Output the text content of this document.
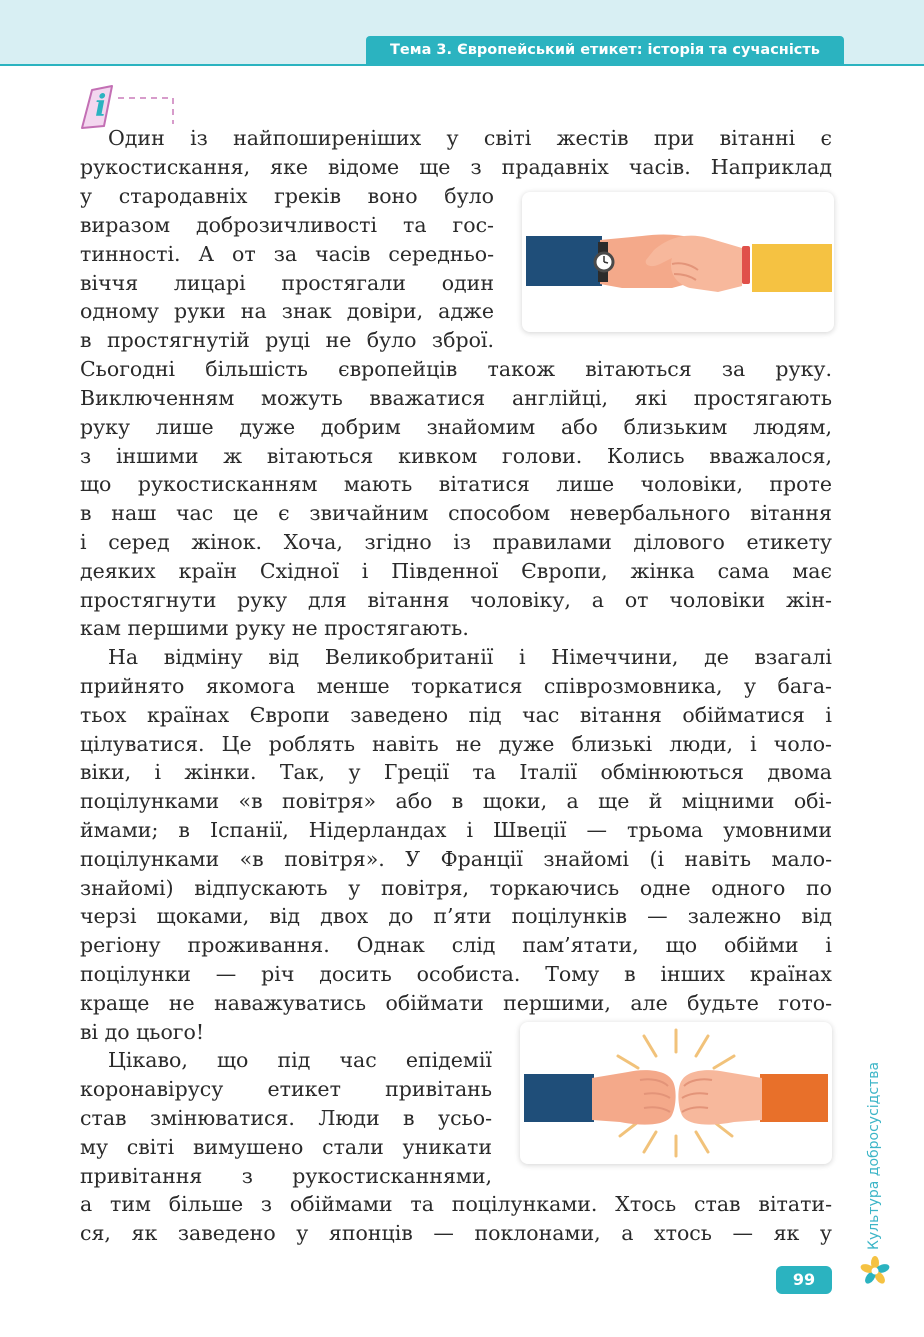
Тема 3. Європейський етикет: історія та сучасність
i

Один із найпоширеніших у світі жестів при вітанні є

рукостискання, яке відоме ще з прадавніх часів. Наприклад

у стародавніх греків воно було

виразом доброзичливості та гос-

тинності. А от за часів середньо-

віччя лицарі простягали один

одному руки на знак довіри, адже

в простягнутій руці не було зброї.

Сьогодні більшість європейців також вітаються за руку.

Виключенням можуть вважатися англійці, які простягають

руку лише дуже добрим знайомим або близьким людям,

з іншими ж вітаються кивком голови. Колись вважалося,

що рукостисканням мають вітатися лише чоловіки, проте

в наш час це є звичайним способом невербального вітання

і серед жінок. Хоча, згідно із правилами ділового етикету

деяких країн Східної і Південної Європи, жінка сама має

простягнути руку для вітання чоловіку, а от чоловіки жін-

кам першими руку не простягають.

На відміну від Великобританії і Німеччини, де взагалі

прийнято якомога менше торкатися співрозмовника, у бага-

тьох країнах Європи заведено під час вітання обійматися і

цілуватися. Це роблять навіть не дуже близькі люди, і чоло-

віки, і жінки. Так, у Греції та Італії обмінюються двома

поцілунками «в повітря» або в щоки, а ще й міцними обі-

ймами; в Іспанії, Нідерландах і Швеції — трьома умовними

поцілунками «в повітря». У Франції знайомі (і навіть мало-

знайомі) відпускають у повітря, торкаючись одне одного по

черзі щоками, від двох до п’яти поцілунків — залежно від

регіону проживання. Однак слід пам’ятати, що обійми і

поцілунки — річ досить особиста. Тому в інших країнах

краще не наважуватись обіймати першими, але будьте гото-

ві до цього!

Цікаво, що під час епідемії

коронавірусу етикет привітань

став змінюватися. Люди в усьо-

му світі вимушено стали уникати

привітання з рукостисканнями,

а тим більше з обіймами та поцілунками. Хтось став вітати-

ся, як заведено у японців — поклонами, а хтось — як у Культура добросусідства
99
